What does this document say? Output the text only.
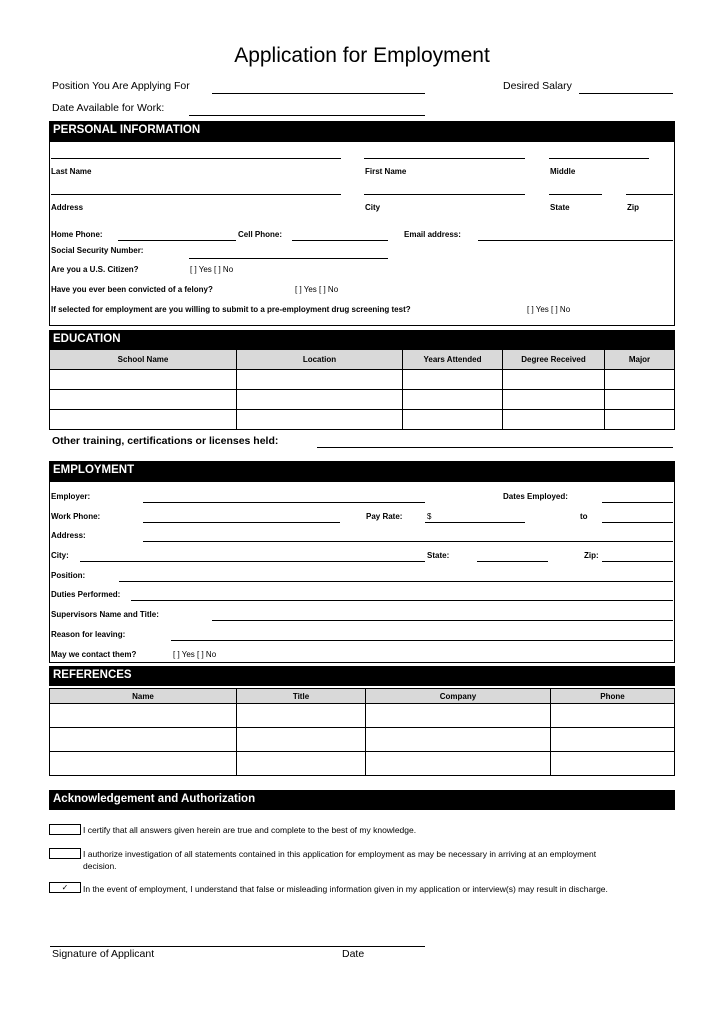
Application for Employment
Position You Are Applying For	Desired Salary
Date Available for Work:
PERSONAL INFORMATION
Last Name	First Name	Middle
Address	City	State	Zip
Home Phone:	Cell Phone:	Email address:
Social Security Number:
Are you a U.S. Citizen?	[ ] Yes [ ] No
Have you ever been convicted of a felony?	[ ] Yes [ ] No
If selected for employment are you willing to submit to a pre-employment drug screening test?	[ ] Yes [ ] No
EDUCATION
School Name	Location	Years Attended	Degree Received	Major

Other training, certifications or licenses held:
EMPLOYMENT
Employer:	Dates Employed:
Work Phone:	Pay Rate:	$	to
Address:
City:	State:	Zip:
Position:
Duties Performed:
Supervisors Name and Title:
Reason for leaving:
May we contact them?	[ ] Yes [ ] No
REFERENCES
Name	Title	Company	Phone

Acknowledgement and Authorization
I certify that all answers given herein are true and complete to the best of my knowledge.
I authorize investigation of all statements contained in this application for employment as may be necessary in arriving at an employment decision.
✓	In the event of employment, I understand that false or misleading information given in my application or interview(s) may result in discharge.
Signature of Applicant	Date
